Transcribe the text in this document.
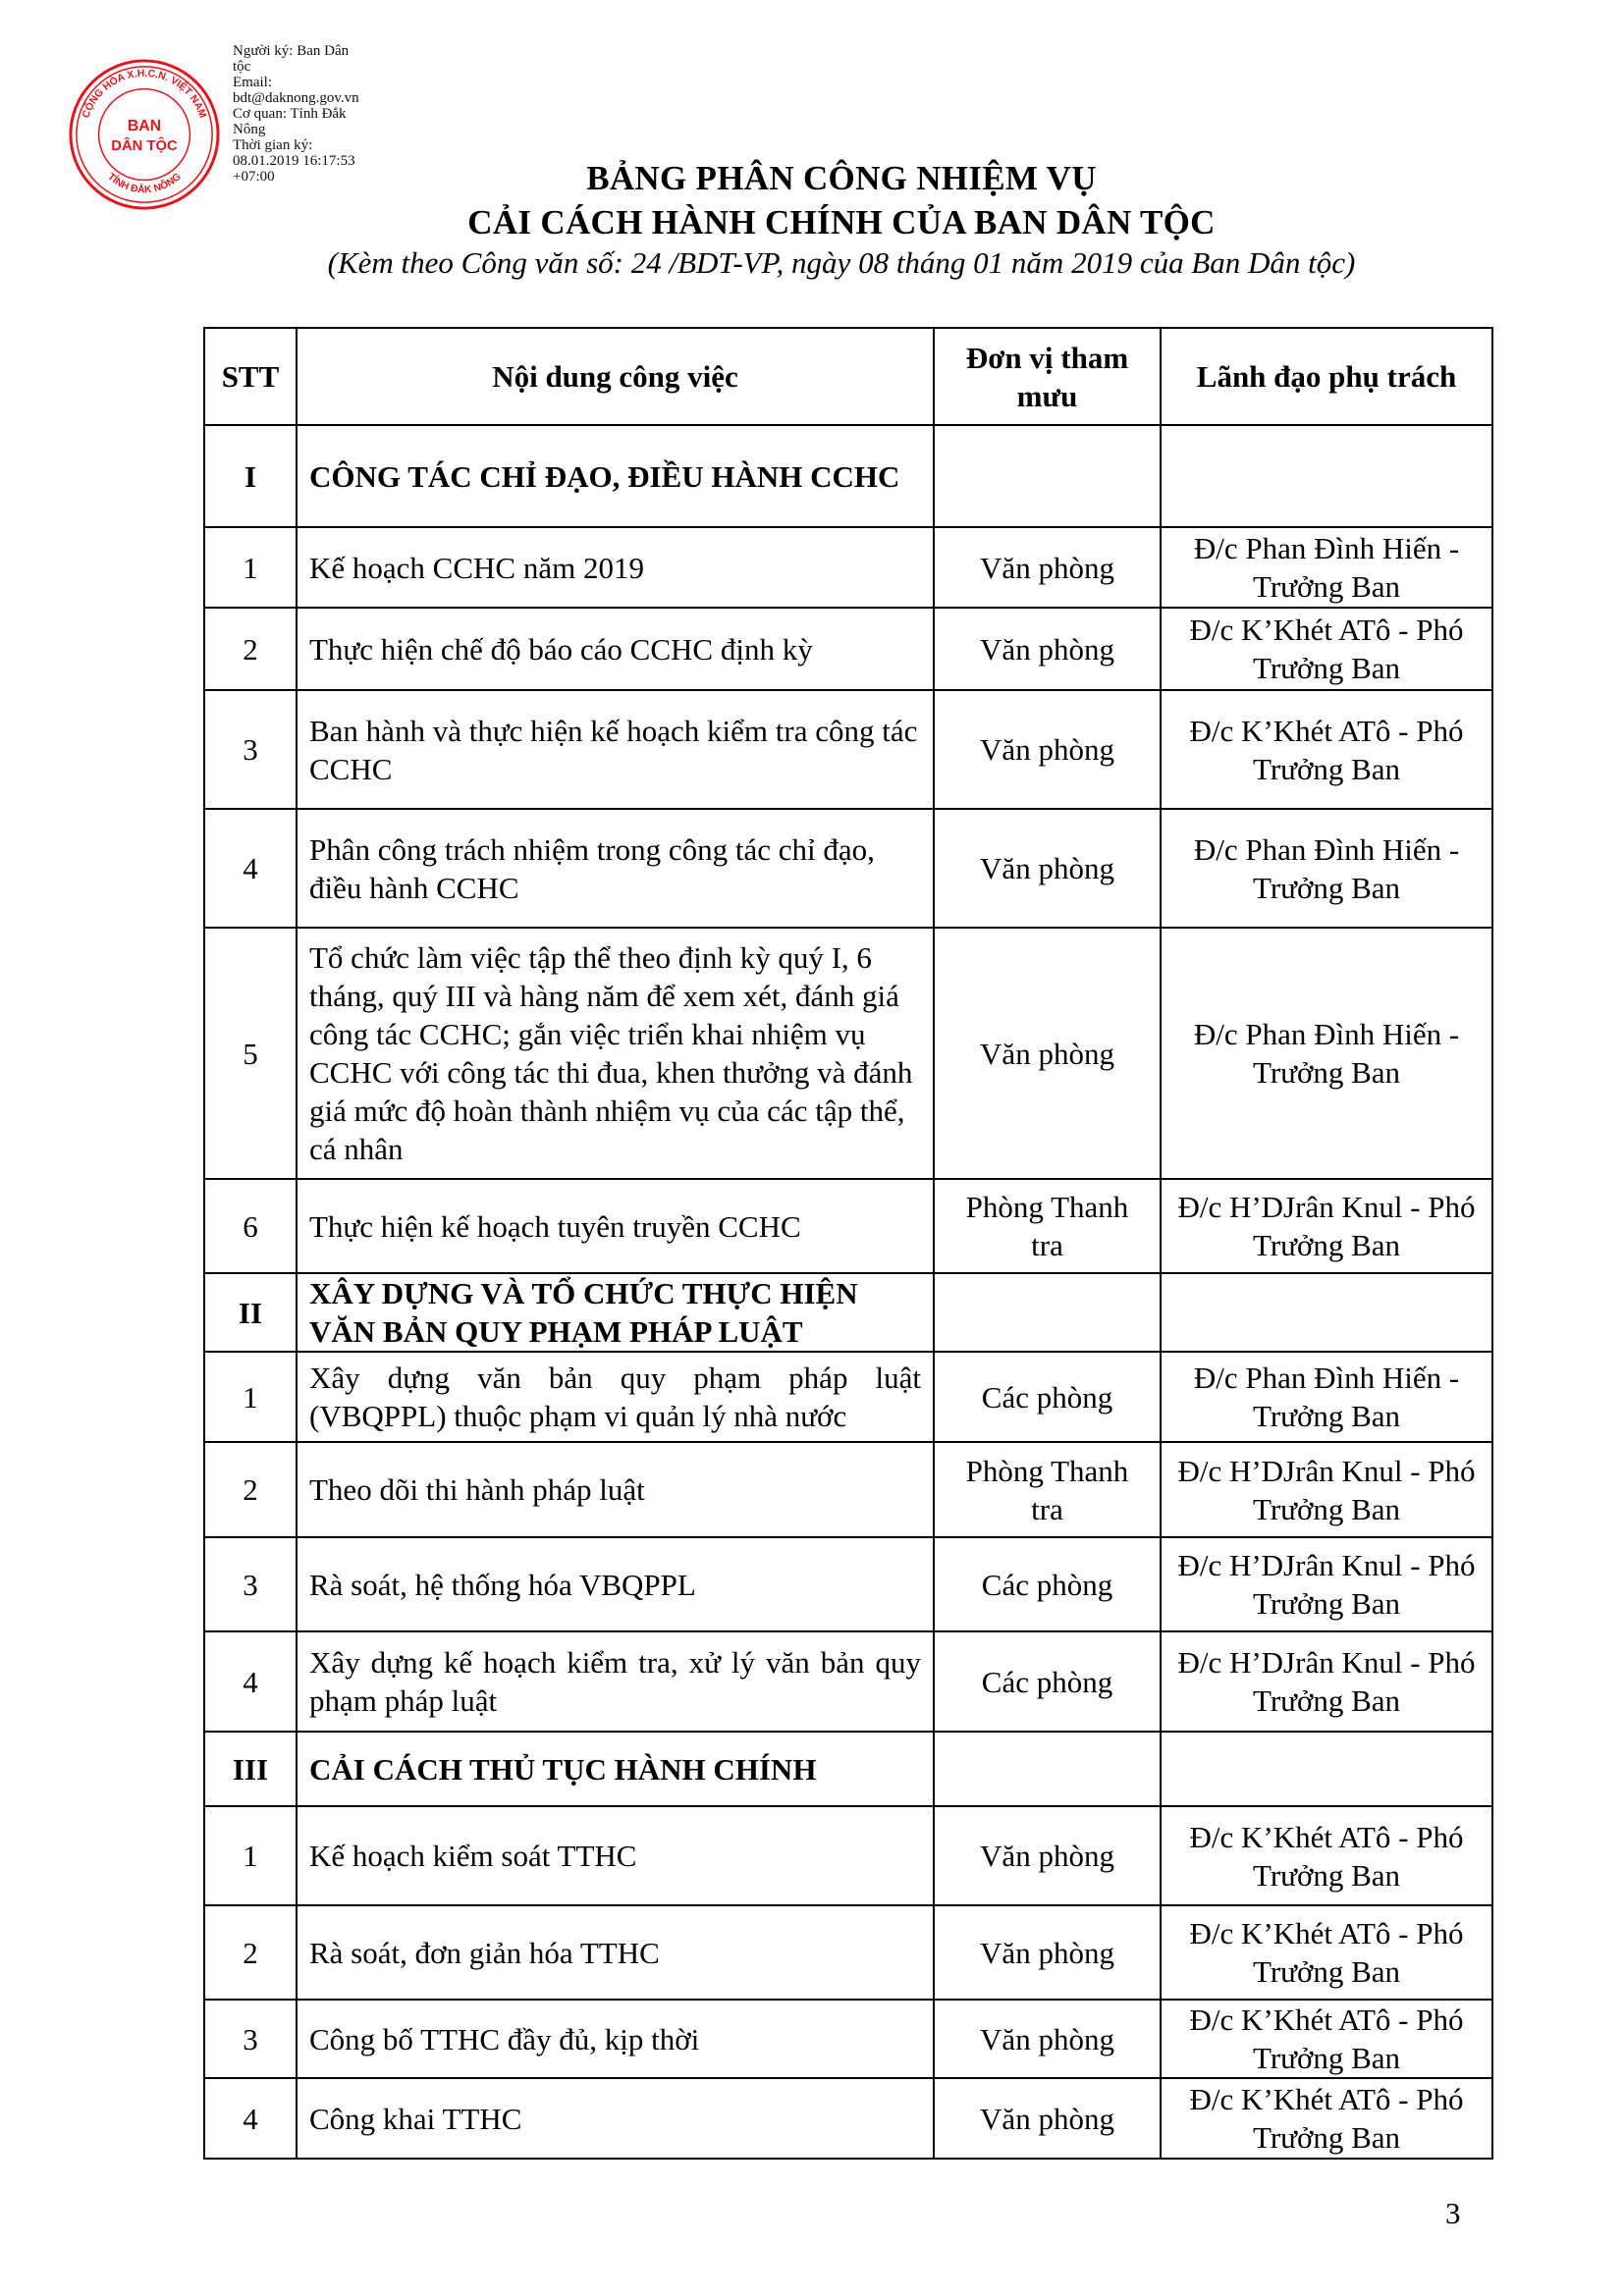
CỘNG HÒA X.H.C.N. VIỆT NAM
TỈNH ĐẮK NÔNG
BAN
DÂN TỘC
Người ký: Ban Dân
tộc
Email:
bdt@daknong.gov.vn
Cơ quan: Tỉnh Đắk
Nông
Thời gian ký:
08.01.2019 16:17:53
+07:00	BẢNG PHÂN CÔNG NHIỆM VỤ
CẢI CÁCH HÀNH CHÍNH CỦA BAN DÂN TỘC
(Kèm theo Công văn số: 24 /BDT-VP, ngày 08 tháng 01 năm 2019 của Ban Dân tộc)
STT	Nội dung công việc	Đơn vị tham mưu	Lãnh đạo phụ trách
I	CÔNG TÁC CHỈ ĐẠO, ĐIỀU HÀNH CCHC		
1	Kế hoạch CCHC năm 2019	Văn phòng	Đ/c Phan Đình Hiến - Trưởng Ban
2	Thực hiện chế độ báo cáo CCHC định kỳ	Văn phòng	Đ/c K’Khét ATô - Phó Trưởng Ban
3	Ban hành và thực hiện kế hoạch kiểm tra công tác CCHC	Văn phòng	Đ/c K’Khét ATô - Phó Trưởng Ban
4	Phân công trách nhiệm trong công tác chỉ đạo, điều hành CCHC	Văn phòng	Đ/c Phan Đình Hiến - Trưởng Ban
5	Tổ chức làm việc tập thể theo định kỳ quý I, 6 tháng, quý III và hàng năm để xem xét, đánh giá công tác CCHC; gắn việc triển khai nhiệm vụ CCHC với công tác thi đua, khen thưởng và đánh giá mức độ hoàn thành nhiệm vụ của các tập thể, cá nhân	Văn phòng	Đ/c Phan Đình Hiến - Trưởng Ban
6	Thực hiện kế hoạch tuyên truyền CCHC	Phòng Thanh tra	Đ/c H’DJrân Knul - Phó Trưởng Ban
II	XÂY DỰNG VÀ TỔ CHỨC THỰC HIỆN VĂN BẢN QUY PHẠM PHÁP LUẬT		
1	Xây dựng văn bản quy phạm pháp luật (VBQPPL) thuộc phạm vi quản lý nhà nước	Các phòng	Đ/c Phan Đình Hiến - Trưởng Ban
2	Theo dõi thi hành pháp luật	Phòng Thanh tra	Đ/c H’DJrân Knul - Phó Trưởng Ban
3	Rà soát, hệ thống hóa VBQPPL	Các phòng	Đ/c H’DJrân Knul - Phó Trưởng Ban
4	Xây dựng kế hoạch kiểm tra, xử lý văn bản quy phạm pháp luật	Các phòng	Đ/c H’DJrân Knul - Phó Trưởng Ban
III	CẢI CÁCH THỦ TỤC HÀNH CHÍNH		
1	Kế hoạch kiểm soát TTHC	Văn phòng	Đ/c K’Khét ATô - Phó Trưởng Ban
2	Rà soát, đơn giản hóa TTHC	Văn phòng	Đ/c K’Khét ATô - Phó Trưởng Ban
3	Công bố TTHC đầy đủ, kịp thời	Văn phòng	Đ/c K’Khét ATô - Phó Trưởng Ban
4	Công khai TTHC	Văn phòng	Đ/c K’Khét ATô - Phó Trưởng Ban
3
